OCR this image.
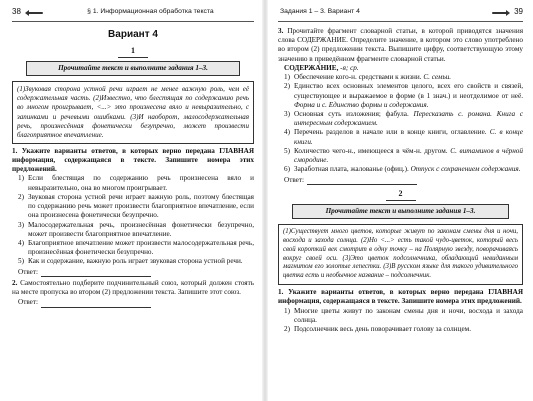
38	§ 1. Информационная обработка текста
Вариант 4
1
Прочитайте текст и выполните задания 1–3.
(1)Звуковая сторона устной речи играет не менее важную роль, чем её содержательная часть. (2)Известно, что блестящая по содержанию речь во многом проигрывает, <...> это произнесена вяло и невыразительно, с запинками и речевыми ошибками. (3)И наоборот, малосодержательная речь, произнесённая фонетически безупречно, может произвести благоприятное впечатление.
1. Укажите варианты ответов, в которых верно передана ГЛАВНАЯ информация, содержащаяся в тексте. Запишите номера этих предложений.
1) Если блестящая по содержанию речь произнесена вяло и невыразительно, она во многом проигрывает.
2) Звуковая сторона устной речи играет важную роль, поэтому блестящая по содержанию речь может произвести благоприятное впечатление, если она произнесена фонетически безупречно.
3) Малосодержательная речь, произнесённая фонетически безупречно, может произвести благоприятное впечатление.
4) Благоприятное впечатление может произвести малосодержательная речь, произнесённая фонетически безупречно.
5) Как и содержание, важную роль играет звуковая сторона устной речи.
Ответ:
2. Самостоятельно подберите подчинительный союз, который должен стоять на месте пропуска во втором (2) предложении текста. Запишите этот союз.
Ответ:
Задания 1 – 3. Вариант 4	39
3. Прочитайте фрагмент словарной статьи, в которой приводятся значения слова СОДЕРЖАНИЕ. Определите значение, в котором это слово употреблено во втором (2) предложении текста. Выпишите цифру, соответствующую этому значению в приведённом фрагменте словарной статьи.
СОДЕРЖА́НИЕ, -я; ср.
1) Обеспечение кого-н. средствами к жизни. С. семьи.
2) Единство всех основных элементов целого, всех его свойств и связей, существующее и выражаемое в форме (в 1 знач.) и неотделимое от неё. Форма и с. Единство формы и содержания.
3) Основная суть изложения; фабула. Пересказать с. романа. Книга с интересным содержанием.
4) Перечень разделов в начале или в конце книги, оглавление. С. в конце книги.
5) Количество чего-н., имеющееся в чём-н. другом. С. витаминов в чёрной смородине.
6) Заработная плата, жалованье (офиц.). Отпуск с сохранением содержания.
Ответ:
2
Прочитайте текст и выполните задания 1–3.
(1)Существует много цветов, которые живут по законам смены дня и ночи, восхода и захода солнца. (2)Но <...> есть такой чудо-цветок, который весь свой короткий век смотрит в одну точку – на Полярную звезду, поворачиваясь вокруг своей оси. (3)Это цветок подсолнечника, обладающий невиданным магнитом его золотые лепестки. (3)В русском языке для такого удивительного цветка есть и необычное название – подсолнечник.
1. Укажите варианты ответов, в которых верно передана ГЛАВНАЯ информация, содержащаяся в тексте. Запишите номера этих предложений.
1) Многие цветы живут по законам смены дня и ночи, восхода и захода солнца.
2) Подсолнечник весь день поворачивает голову за солнцем.
